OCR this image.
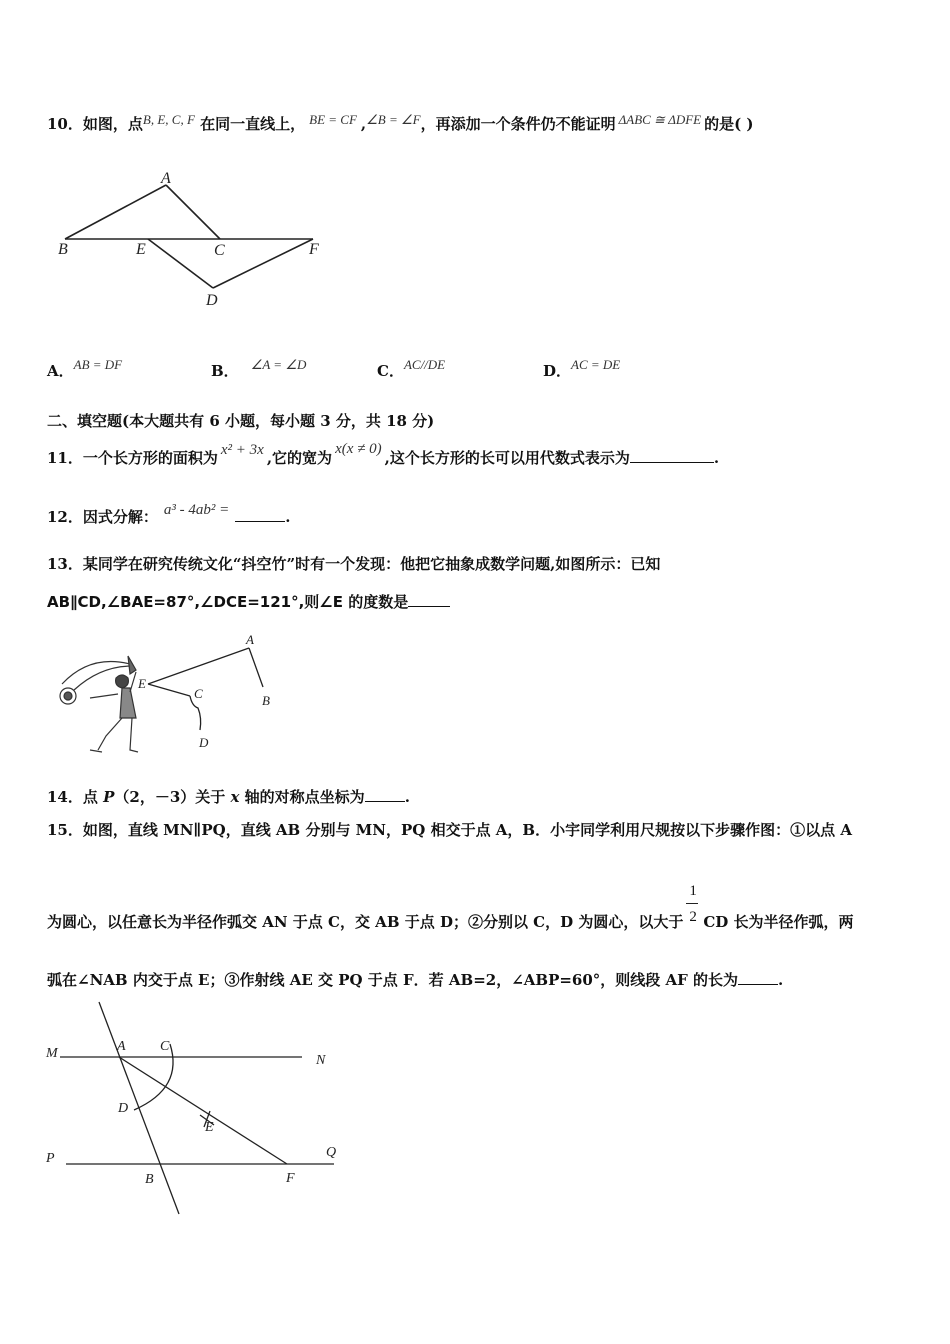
10．如图，点B, E, C, F 在同一直线上， BE = CF ,∠B = ∠F，再添加一个条件仍不能证明 ΔABC ≅ ΔDFE 的是( )
A
B	E	C	F
D
A．AB = DF	B． ∠A = ∠D	C．AC//DE	D．AC = DE
二、填空题(本大题共有 6 小题，每小题 3 分，共 18 分)
11．一个长方形的面积为 x² + 3x ,它的宽为 x(x ≠ 0) ,这个长方形的长可以用代数式表示为	.
12．因式分解： a³ - 4ab² =	.
13．某同学在研究传统文化“抖空竹”时有一个发现：他把它抽象成数学问题,如图所示：已知
AB∥CD,∠BAE=87°,∠DCE=121°,则∠E 的度数是
E
A
B
C
D
14．点 P（2，－3）关于 x 轴的对称点坐标为	.
15．如图，直线 MN∥PQ，直线 AB 分别与 MN，PQ 相交于点 A，B．小宇同学利用尺规按以下步骤作图：①以点 A
为圆心，以任意长为半径作弧交 AN 于点 C，交 AB 于点 D；②分别以 C，D 为圆心，以大于 $\frac{1}{2}$ CD 长为半径作弧，两
弧在∠NAB 内交于点 E；③作射线 AE 交 PQ 于点 F．若 AB=2，∠ABP=60°，则线段 AF 的长为	.
M	A C
N
D
E
P	Q
B	F
